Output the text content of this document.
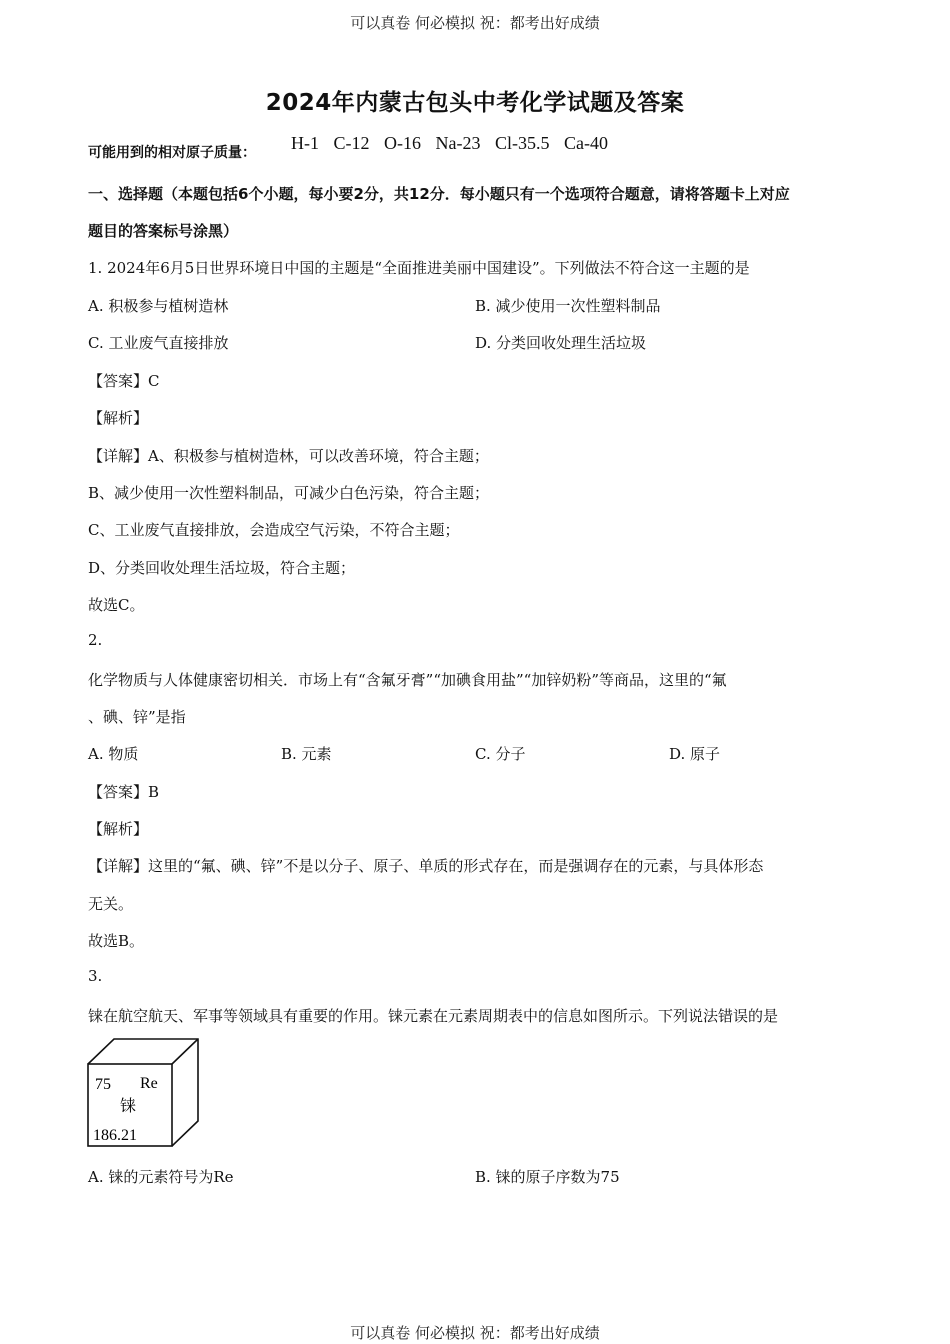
可以真卷 何必模拟 祝：都考出好成绩
2024年内蒙古包头中考化学试题及答案
可能用到的相对原子质量： H-1 C-12 O-16 Na-23 Cl-35.5 Ca-40
一、选择题（本题包括6个小题，每小要2分，共12分．每小题只有一个选项符合题意，请将答题卡上对应
题目的答案标号涂黑）
1. 2024年6月5日世界环境日中国的主题是“全面推进美丽中国建设”。下列做法不符合这一主题的是
A. 积极参与植树造林	B. 减少使用一次性塑料制品
C. 工业废气直接排放	D. 分类回收处理生活垃圾
【答案】C
【解析】
【详解】A、积极参与植树造林，可以改善环境，符合主题；
B、减少使用一次性塑料制品，可减少白色污染，符合主题；
C、工业废气直接排放，会造成空气污染，不符合主题；
D、分类回收处理生活垃圾，符合主题；
故选C。
2.
化学物质与人体健康密切相关．市场上有“含氟牙膏”“加碘食用盐”“加锌奶粉”等商品，这里的“氟
、碘、锌”是指
A. 物质	B. 元素	C. 分子	D. 原子
【答案】B
【解析】
【详解】这里的“氟、碘、锌”不是以分子、原子、单质的形式存在，而是强调存在的元素，与具体形态
无关。
故选B。
3.
铼在航空航天、军事等领域具有重要的作用。铼元素在元素周期表中的信息如图所示。下列说法错误的是
75 Re
铼
186.21
A. 铼的元素符号为Re	B. 铼的原子序数为75
可以真卷 何必模拟 祝：都考出好成绩
